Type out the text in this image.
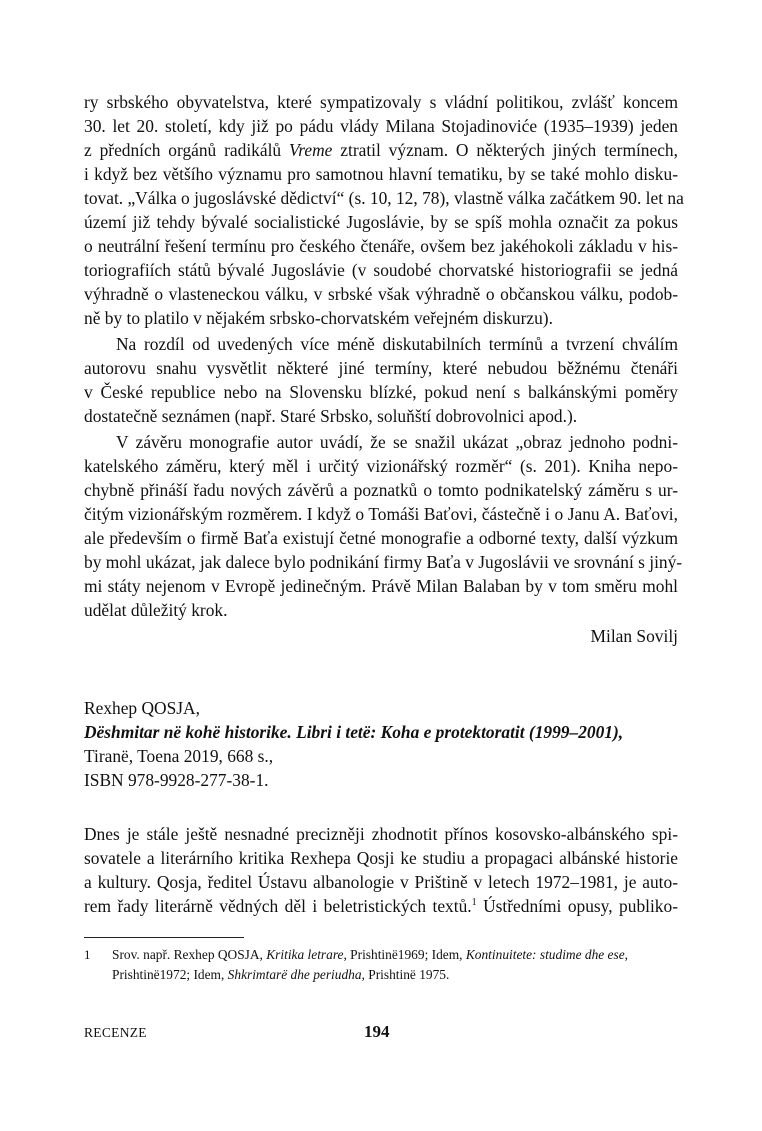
ry srbského obyvatelstva, které sympatizovaly s vládní politikou, zvlášť koncem
30. let 20. století, kdy již po pádu vlády Milana Stojadinoviće (1935–1939) jeden
z předních orgánů radikálů Vreme ztratil význam. O některých jiných termínech,
i když bez většího významu pro samotnou hlavní tematiku, by se také mohlo disku-
tovat. „Válka o jugoslávské dědictví“ (s. 10, 12, 78), vlastně válka začátkem 90. let na
území již tehdy bývalé socialistické Jugoslávie, by se spíš mohla označit za pokus
o neutrální řešení termínu pro českého čtenáře, ovšem bez jakéhokoli základu v his-
toriografiích států bývalé Jugoslávie (v soudobé chorvatské historiografii se jedná
výhradně o vlasteneckou válku, v srbské však výhradně o občanskou válku, podob-
ně by to platilo v nějakém srbsko-chorvatském veřejném diskurzu).
Na rozdíl od uvedených více méně diskutabilních termínů a tvrzení chválím
autorovu snahu vysvětlit některé jiné termíny, které nebudou běžnému čtenáři
v České republice nebo na Slovensku blízké, pokud není s balkánskými poměry
dostatečně seznámen (např. Staré Srbsko, soluňští dobrovolnici apod.).
V závěru monografie autor uvádí, že se snažil ukázat „obraz jednoho podni-
katelského záměru, který měl i určitý vizionářský rozměr“ (s. 201). Kniha nepo-
chybně přináší řadu nových závěrů a poznatků o tomto podnikatelský záměru s ur-
čitým vizionářským rozměrem. I když o Tomáši Baťovi, částečně i o Janu A. Baťovi,
ale především o firmě Baťa existují četné monografie a odborné texty, další výzkum
by mohl ukázat, jak dalece bylo podnikání firmy Baťa v Jugoslávii ve srovnání s jiný-
mi státy nejenom v Evropě jedinečným. Právě Milan Balaban by v tom směru mohl
udělat důležitý krok.
Milan Sovilj
Rexhep QOSJA,
Dëshmitar në kohë historike. Libri i tetë: Koha e protektoratit (1999–2001),
Tiranë, Toena 2019, 668 s.,
ISBN 978-9928-277-38-1.
Dnes je stále ještě nesnadné precizněji zhodnotit přínos kosovsko-albánského spi-
sovatele a literárního kritika Rexhepa Qosji ke studiu a propagaci albánské historie
a kultury. Qosja, ředitel Ústavu albanologie v Prištině v letech 1972–1981, je auto-
rem řady literárně vědných děl i beletristických textů.$^1$ Ústředními opusy, publiko-
1 Srov. např. Rexhep QOSJA, Kritika letrare, Prishtinë1969; Idem, Kontinuitete: studime dhe ese,
Prishtinë1972; Idem, Shkrimtarë dhe periudha, Prishtinë 1975.
RECENZE	194
